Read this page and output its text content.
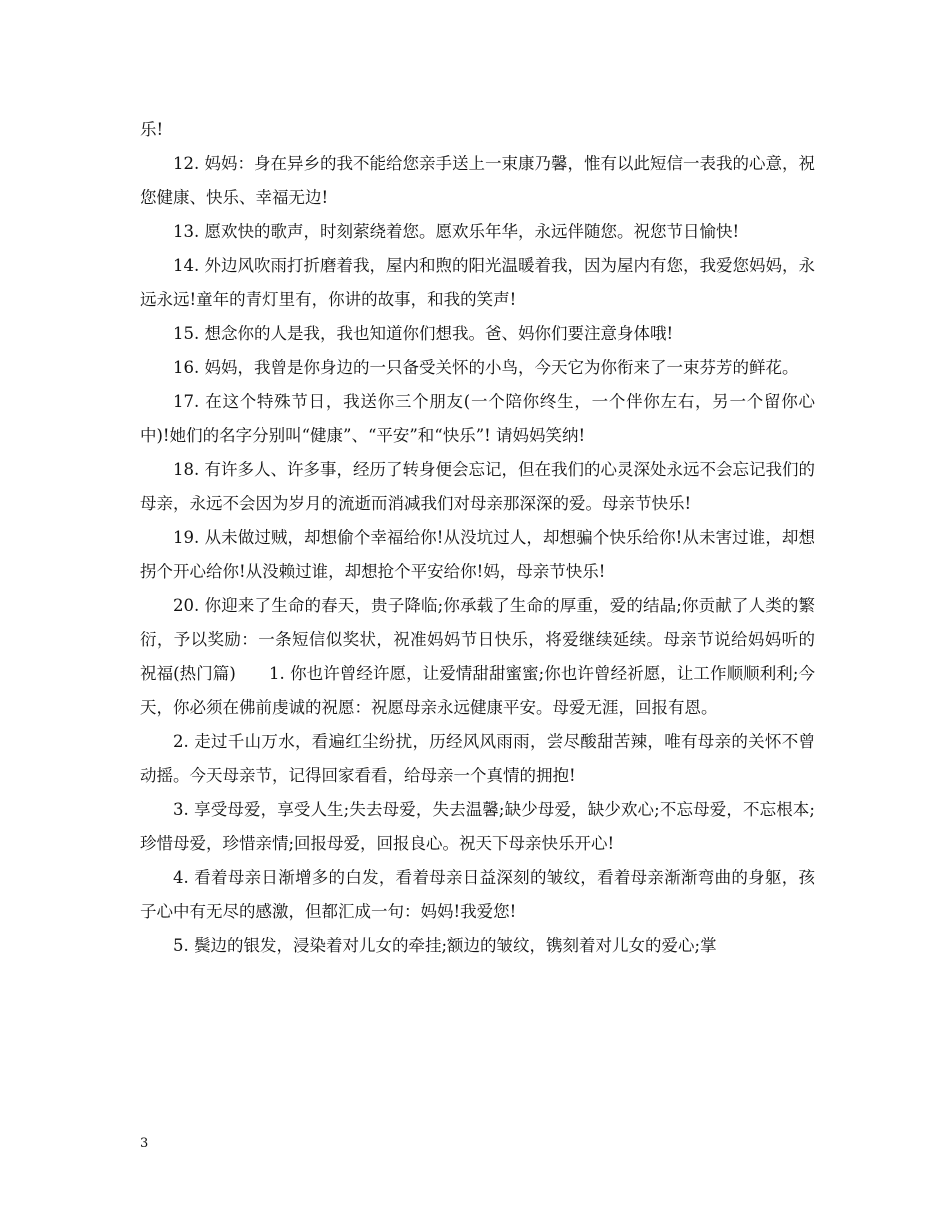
乐!

12. 妈妈：身在异乡的我不能给您亲手送上一束康乃馨，惟有以此短信一表我的心意，祝您健康、快乐、幸福无边!

13. 愿欢快的歌声，时刻萦绕着您。愿欢乐年华，永远伴随您。祝您节日愉快!

14. 外边风吹雨打折磨着我，屋内和煦的阳光温暖着我，因为屋内有您，我爱您妈妈，永远永远!童年的青灯里有，你讲的故事，和我的笑声!

15. 想念你的人是我，我也知道你们想我。爸、妈你们要注意身体哦!

16. 妈妈，我曾是你身边的一只备受关怀的小鸟，今天它为你衔来了一束芬芳的鲜花。

17. 在这个特殊节日，我送你三个朋友(一个陪你终生，一个伴你左右，另一个留你心中)!她们的名字分别叫“健康”、“平安”和“快乐”! 请妈妈笑纳!

18. 有许多人、许多事，经历了转身便会忘记，但在我们的心灵深处永远不会忘记我们的母亲，永远不会因为岁月的流逝而消减我们对母亲那深深的爱。母亲节快乐!

19. 从未做过贼，却想偷个幸福给你!从没坑过人，却想骗个快乐给你!从未害过谁，却想拐个开心给你!从没赖过谁，却想抢个平安给你!妈，母亲节快乐!

20. 你迎来了生命的春天，贵子降临;你承载了生命的厚重，爱的结晶;你贡献了人类的繁衍，予以奖励：一条短信似奖状，祝准妈妈节日快乐，将爱继续延续。母亲节说给妈妈听的祝福(热门篇)　　1. 你也许曾经许愿，让爱情甜甜蜜蜜;你也许曾经祈愿，让工作顺顺利利;今天，你必须在佛前虔诚的祝愿：祝愿母亲永远健康平安。母爱无涯，回报有恩。

2. 走过千山万水，看遍红尘纷扰，历经风风雨雨，尝尽酸甜苦辣，唯有母亲的关怀不曾动摇。今天母亲节，记得回家看看，给母亲一个真情的拥抱!

3. 享受母爱，享受人生;失去母爱，失去温馨;缺少母爱，缺少欢心;不忘母爱，不忘根本;珍惜母爱，珍惜亲情;回报母爱，回报良心。祝天下母亲快乐开心!

4. 看着母亲日渐增多的白发，看着母亲日益深刻的皱纹，看着母亲渐渐弯曲的身躯，孩子心中有无尽的感激，但都汇成一句：妈妈!我爱您!

5. 鬓边的银发，浸染着对儿女的牵挂;额边的皱纹，镌刻着对儿女的爱心;掌

3
